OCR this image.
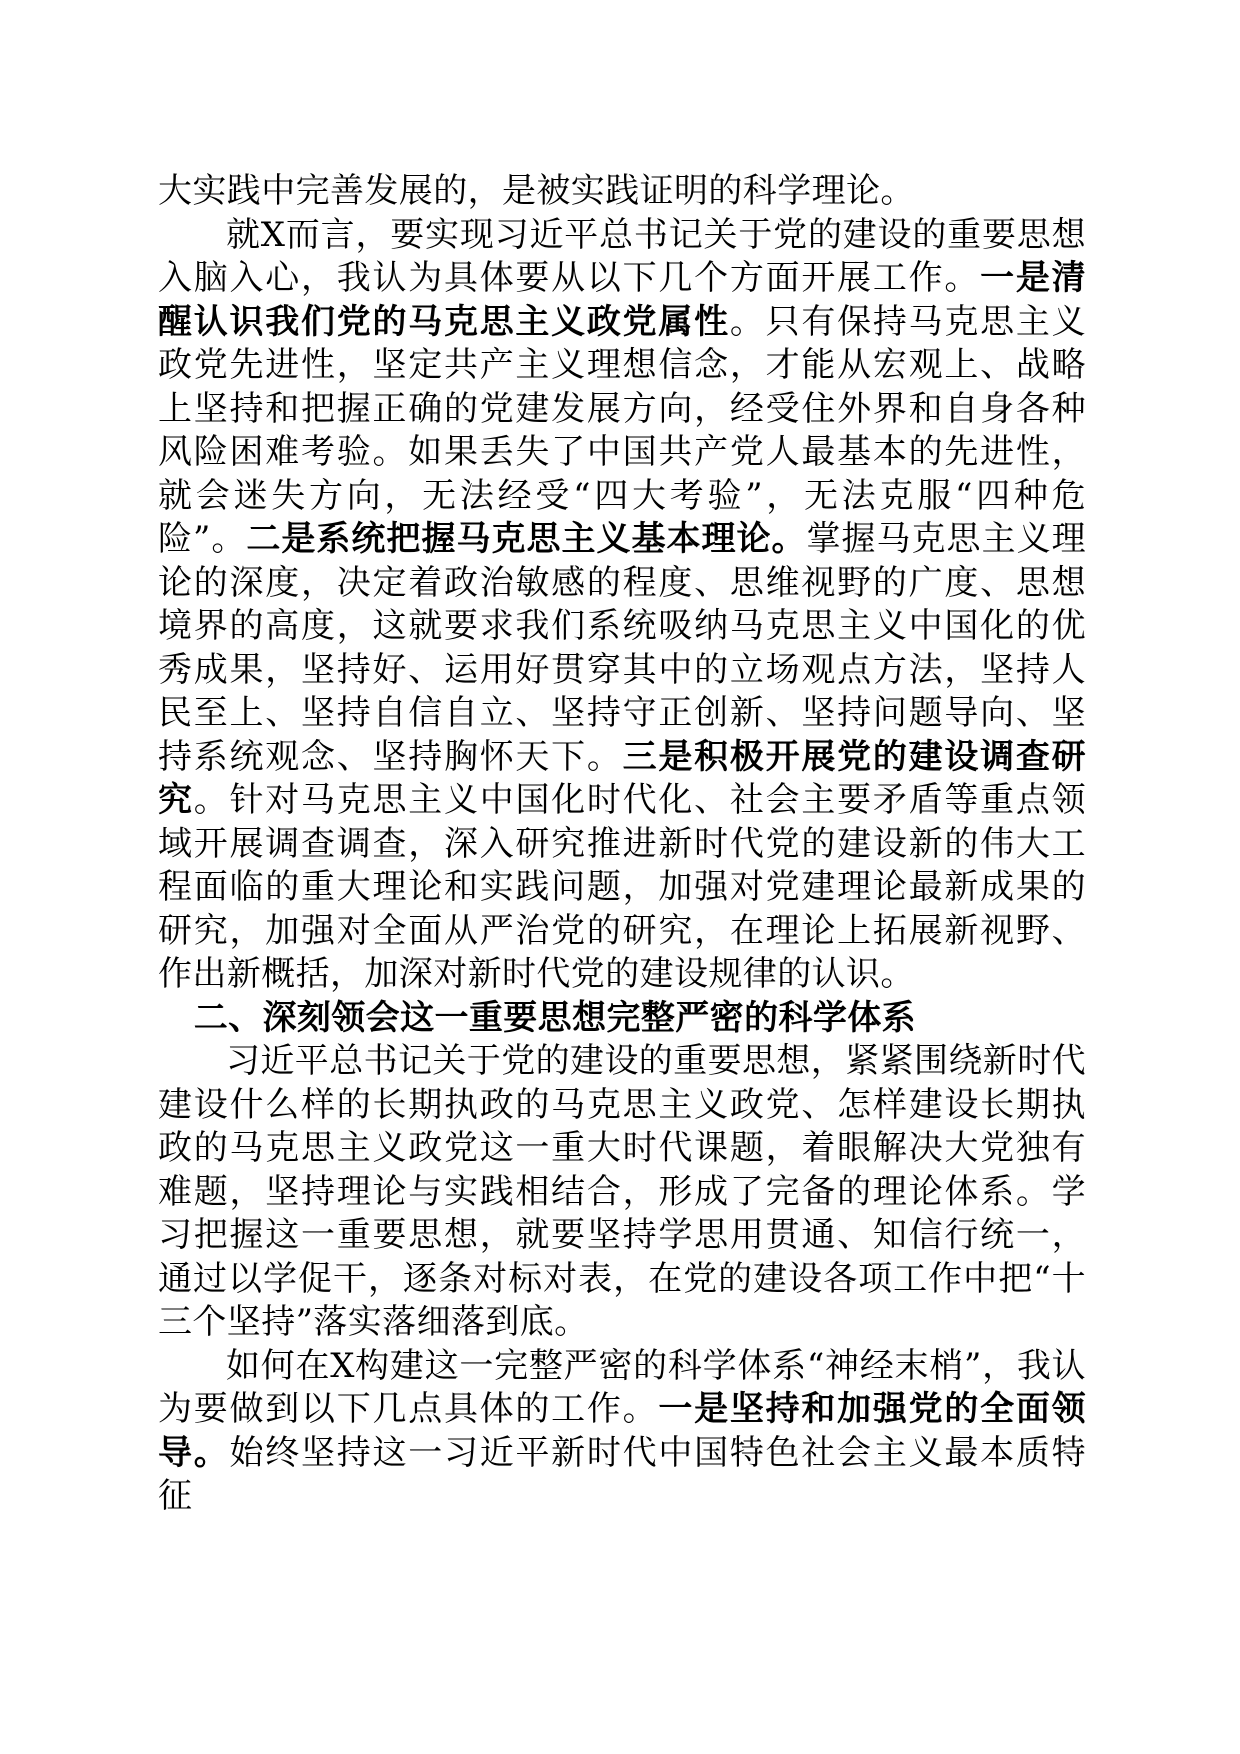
大实践中完善发展的，是被实践证明的科学理论。

就X而言，要实现习近平总书记关于党的建设的重要思想入脑入心，我认为具体要从以下几个方面开展工作。一是清醒认识我们党的马克思主义政党属性。只有保持马克思主义政党先进性，坚定共产主义理想信念，才能从宏观上、战略上坚持和把握正确的党建发展方向，经受住外界和自身各种风险困难考验。如果丢失了中国共产党人最基本的先进性，就会迷失方向，无法经受“四大考验”，无法克服“四种危险”。二是系统把握马克思主义基本理论。掌握马克思主义理论的深度，决定着政治敏感的程度、思维视野的广度、思想境界的高度，这就要求我们系统吸纳马克思主义中国化的优秀成果，坚持好、运用好贯穿其中的立场观点方法，坚持人民至上、坚持自信自立、坚持守正创新、坚持问题导向、坚持系统观念、坚持胸怀天下。三是积极开展党的建设调查研究。针对马克思主义中国化时代化、社会主要矛盾等重点领域开展调查调查，深入研究推进新时代党的建设新的伟大工程面临的重大理论和实践问题，加强对党建理论最新成果的研究，加强对全面从严治党的研究，在理论上拓展新视野、作出新概括，加深对新时代党的建设规律的认识。

二、深刻领会这一重要思想完整严密的科学体系

习近平总书记关于党的建设的重要思想，紧紧围绕新时代建设什么样的长期执政的马克思主义政党、怎样建设长期执政的马克思主义政党这一重大时代课题，着眼解决大党独有难题，坚持理论与实践相结合，形成了完备的理论体系。学习把握这一重要思想，就要坚持学思用贯通、知信行统一，通过以学促干，逐条对标对表，在党的建设各项工作中把“十三个坚持”落实落细落到底。

如何在X构建这一完整严密的科学体系“神经末梢”，我认为要做到以下几点具体的工作。一是坚持和加强党的全面领导。始终坚持这一习近平新时代中国特色社会主义最本质特征
